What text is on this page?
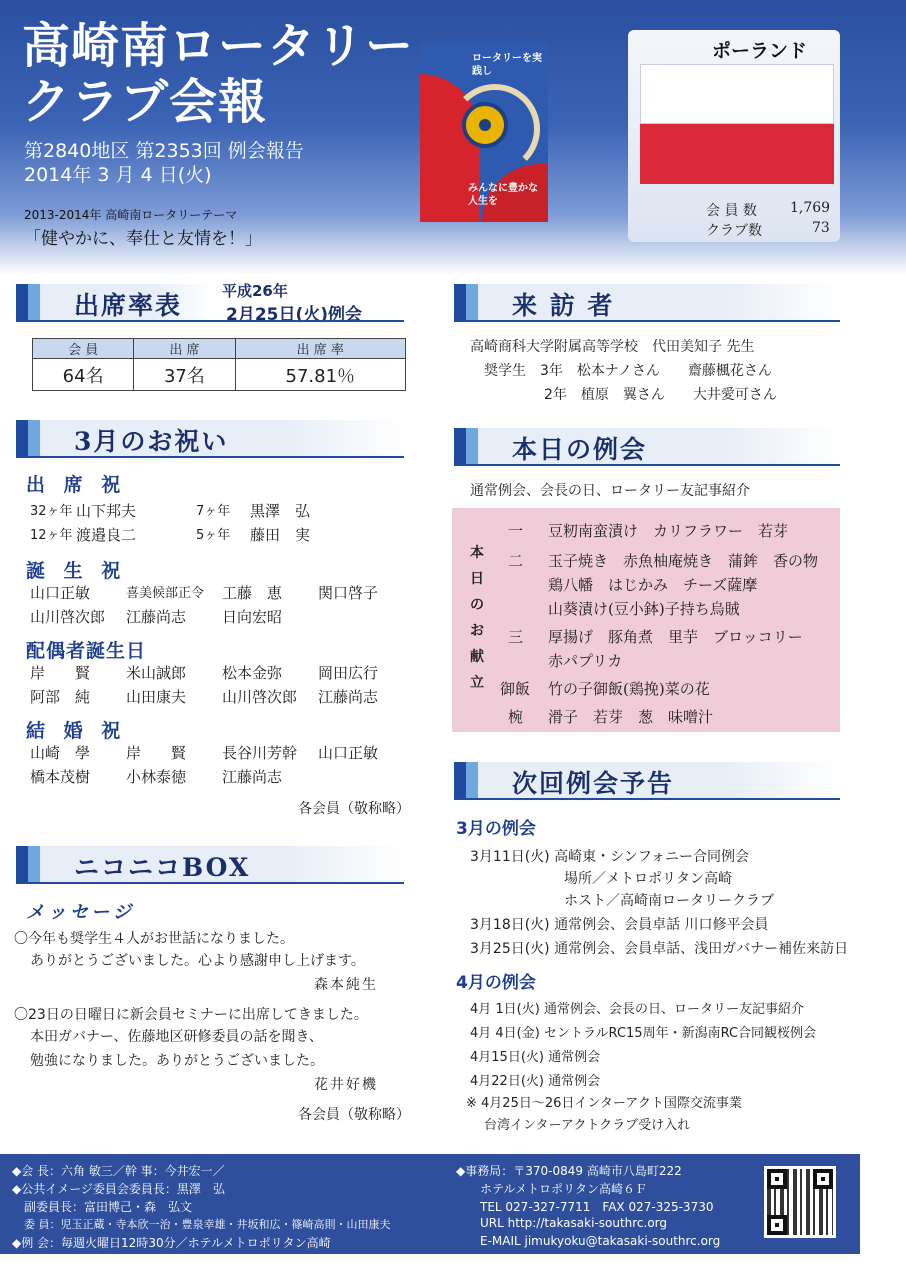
高崎南ロータリー
クラブ会報
第2840地区 第2353回 例会報告
2014年 3 月 4 日(火)
2013-2014年 高崎南ロータリーテーマ
「健やかに、奉仕と友情を！」
ロータリーを実践し
みんなに豊かな人生を
ポーランド
会 員 数 1,769
クラブ数	73
出席率表	平成26年
2月25日(火)例会
会 員	出 席	出 席 率
64名	37名	57.81％
3月のお祝い
出 席 祝
32ヶ年 山下邦夫	7ヶ年 黒澤　弘
12ヶ年 渡邉良二	5ヶ年 藤田　実
誕 生 祝
山口正敏	喜美候部正令 工藤　恵 関口啓子
山川啓次郎 江藤尚志 日向宏昭
配偶者誕生日
岸　　賢 米山誠郎 松本金弥 岡田広行
阿部　純 山田康夫 山川啓次郎 江藤尚志
結 婚 祝
山崎　學 岸　　賢 長谷川芳幹 山口正敏
橋本茂樹 小林泰徳 江藤尚志
各会員（敬称略）
ニコニコBOX
メッセージ
〇今年も奨学生４人がお世話になりました。
ありがとうございました。心より感謝申し上げます。
森本純生
〇23日の日曜日に新会員セミナーに出席してきました。
本田ガバナー、佐藤地区研修委員の話を聞き、
勉強になりました。ありがとうございました。
花井好機
各会員（敬称略）
来 訪 者
高崎商科大学附属高等学校　代田美知子 先生
奨学生　3年　松本ナノさん　　齋藤楓花さん
2年　植原　翼さん　　大井愛可さん
本日の例会
通常例会、会長の日、ロータリー友記事紹介
本日のお献立
一 豆籾南蛮漬け　カリフラワー　若芽
二 玉子焼き　赤魚柚庵焼き　蒲鉾　香の物
鶏八幡　はじかみ　チーズ薩摩
山葵漬け(豆小鉢)子持ち烏賊
三 厚揚げ　豚角煮　里芋　ブロッコリー
赤パプリカ
御飯 竹の子御飯(鶏挽)菜の花
椀 滑子　若芽　葱　味噌汁
次回例会予告
3月の例会
3月11日(火) 高崎東・シンフォニー合同例会
場所／メトロポリタン高崎
ホスト／高崎南ロータリークラブ
3月18日(火) 通常例会、会員卓話 川口修平会員
3月25日(火) 通常例会、会員卓話、浅田ガバナー補佐来訪日
4月の例会
4月 1日(火) 通常例会、会長の日、ロータリー友記事紹介
4月 4日(金) セントラルRC15周年・新潟南RC合同観桜例会
4月15日(火) 通常例会
4月22日(火) 通常例会
※ 4月25日～26日インターアクト国際交流事業
台湾インターアクトクラブ受け入れ
◆会 長：六角 敏三／幹 事：今井宏一／
◆公共イメージ委員会委員長：黒澤　弘
副委員長：富田博己・森　弘文
委 員：児玉正蔵・寺本欣一治・豊泉幸雄・井坂和広・篠崎高則・山田康夫
◆例 会：毎週火曜日12時30分／ホテルメトロポリタン高崎
◆事務局：〒370-0849 高崎市八島町222
ホテルメトロポリタン高崎６Ｆ
TEL 027-327-7711　FAX 027-325-3730
URL http://takasaki-southrc.org
E-MAIL jimukyoku@takasaki-southrc.org
